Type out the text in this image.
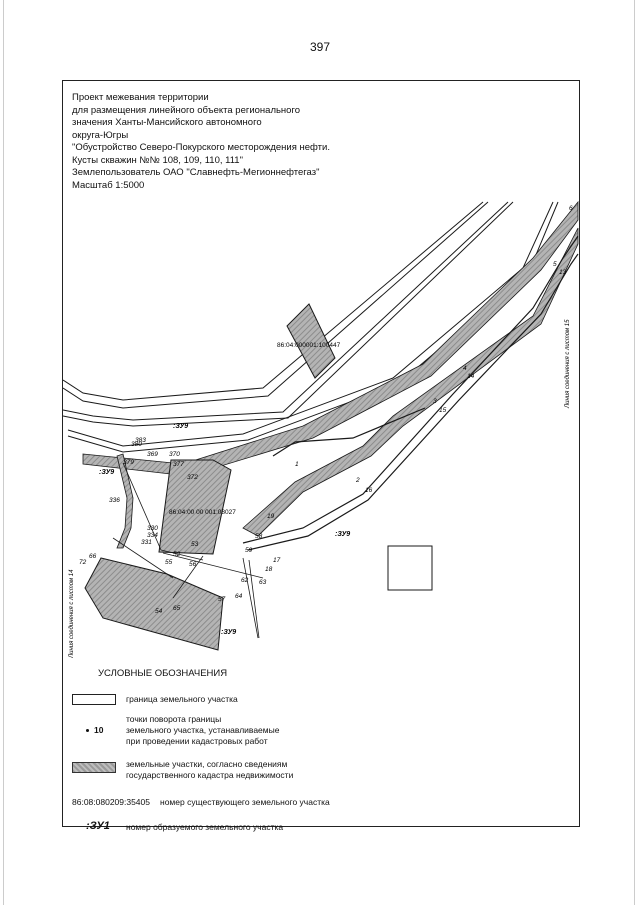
397
Проект межевания территории
для размещения линейного объекта регионального
значения Ханты-Мансийского автономного
округа-Югры
"Обустройство Северо-Покурского месторождения нефти.
Кусты скважин №№ 108, 109, 110, 111"
Землепользователь ОАО "Славнефть-Мегионнефтегаз"
Масштаб 1:5000
86:04:000001:100447
86:04:00 00 001:08027
:ЗУ9
:ЗУ9
:ЗУ9
:ЗУ9
1
2
3
4
5
6
13
14
15
16
17
18
19
52
53
54
55	56
57
58
59
62 63
64
65
66
72
330
331
334
336
369 370
372
377
379
380
383
Линия соединения с листом 15
Линия соединения с листом 14
УСЛОВНЫЕ ОБОЗНАЧЕНИЯ
граница земельного участка
10
точки поворота границы
земельного участка, устанавливаемые
при проведении кадастровых работ
земельные участки, согласно сведениям
государственного кадастра недвижимости
86:08:080209:35405 номер существующего земельного участка
:ЗУ1 номер образуемого земельного участка
